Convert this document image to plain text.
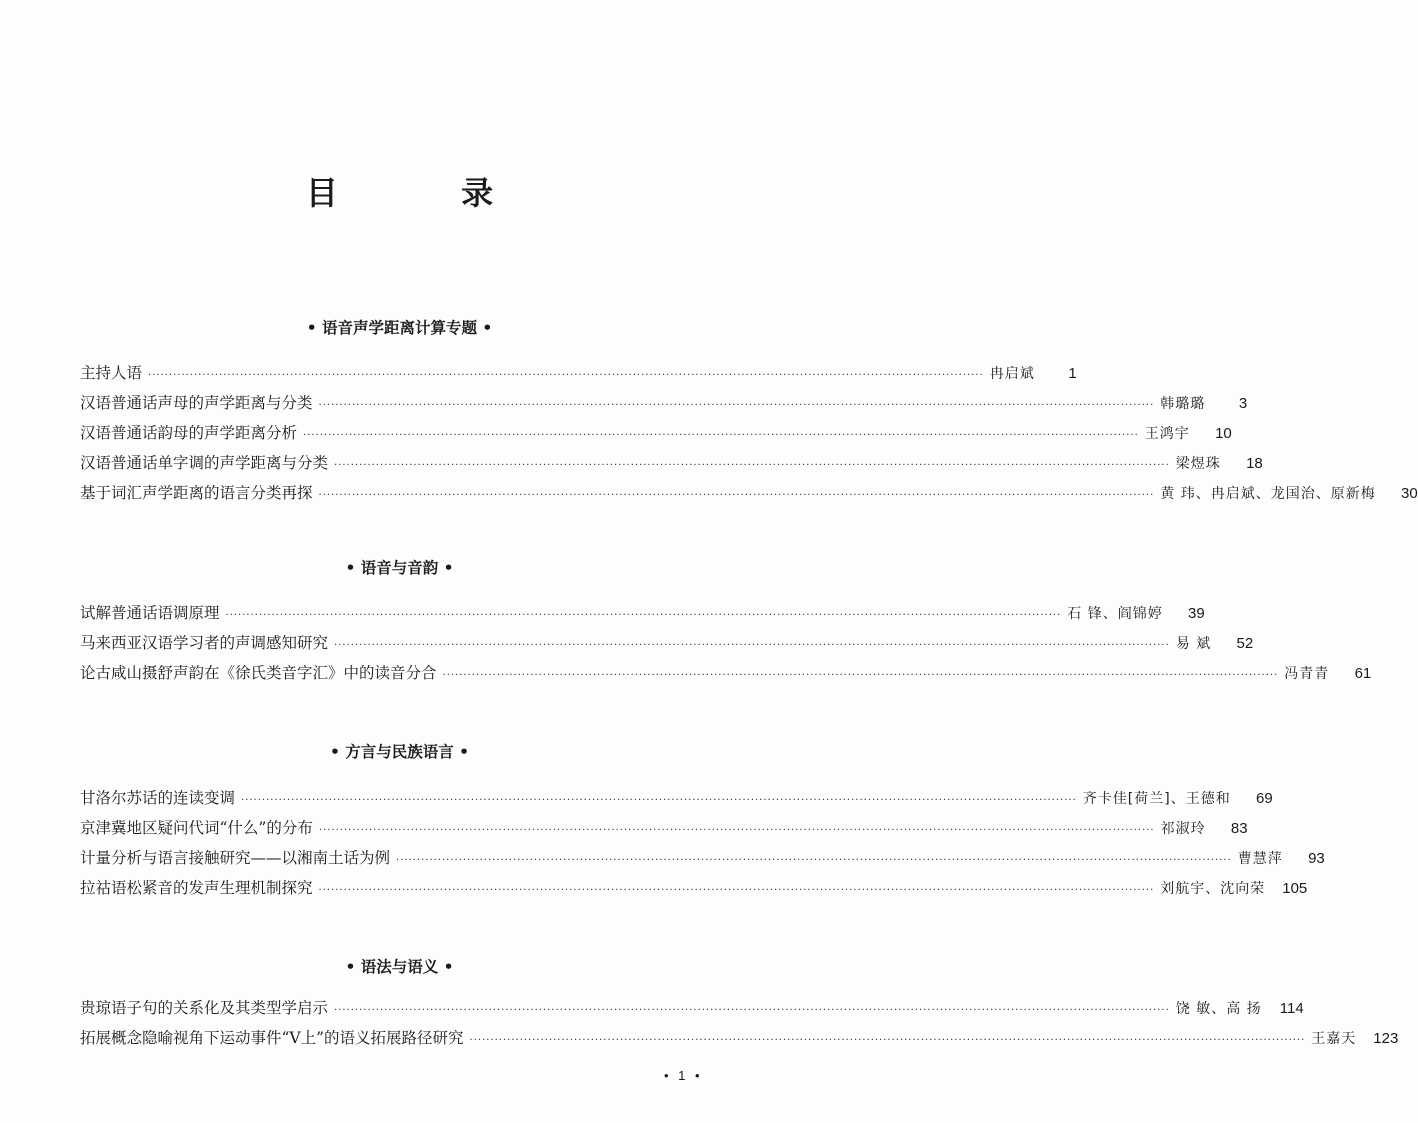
目 录
• 语音声学距离计算专题 •
主持人语 ········································································································································································································ 冉启斌	1
汉语普通话声母的声学距离与分类 ········································································································································································································ 韩璐璐	3
汉语普通话韵母的声学距离分析 ········································································································································································································ 王鸿宇	10
汉语普通话单字调的声学距离与分类 ········································································································································································································ 梁煜珠	18
基于词汇声学距离的语言分类再探 ········································································································································································································ 黄 玮、冉启斌、龙国治、原新梅	30
• 语音与音韵 •
试解普通话语调原理 ········································································································································································································ 石 锋、阎锦婷	39
马来西亚汉语学习者的声调感知研究 ········································································································································································································ 易 斌	52
论古咸山摄舒声韵在《徐氏类音字汇》中的读音分合 ········································································································································································································ 冯青青	61
• 方言与民族语言 •
甘洛尔苏话的连读变调 ········································································································································································································ 齐卡佳[荷兰]、王德和	69
京津冀地区疑问代词“什么”的分布 ········································································································································································································ 祁淑玲	83
计量分析与语言接触研究——以湘南土话为例 ········································································································································································································ 曹慧萍	93
拉祜语松紧音的发声生理机制探究 ········································································································································································································ 刘航宇、沈向荣	105
• 语法与语义 •
贵琼语子句的关系化及其类型学启示 ········································································································································································································ 饶 敏、高 扬	114
拓展概念隐喻视角下运动事件“V上”的语义拓展路径研究 ········································································································································································································ 王嘉天	123
• 1 •
